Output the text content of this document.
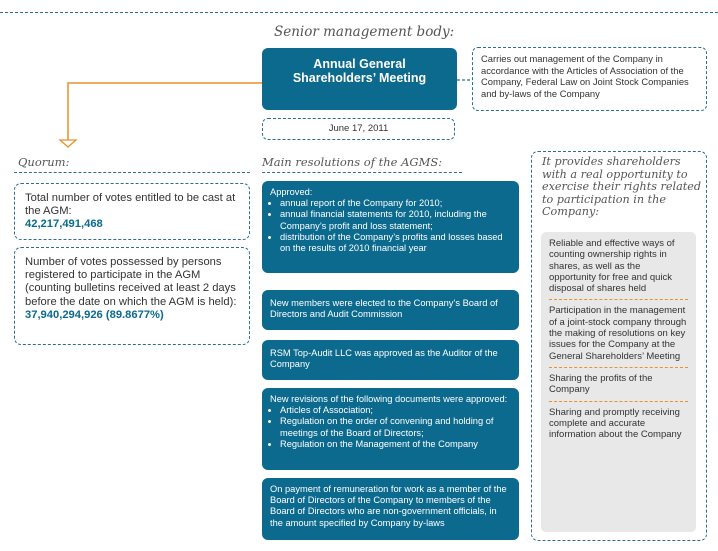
Senior management body:
Annual General Shareholders’ Meeting
Carries out management of the Company in accordance with the Articles of Association of the Company, Federal Law on Joint Stock Companies and by-laws of the Company
June 17, 2011
Quorum:
Total number of votes entitled to be cast at the AGM:
42,217,491,468
Number of votes possessed by persons registered to participate in the AGM (counting bulletins received at least 2 days before the date on which the AGM is held): 37,940,294,926 (89.8677%)
Main resolutions of the AGMS:
Approved:
• annual report of the Company for 2010;
• annual financial statements for 2010, including the Company’s profit and loss statement;
• distribution of the Company’s profits and losses based on the results of 2010 financial year
New members were elected to the Company’s Board of Directors and Audit Commission
RSM Top-Audit LLC was approved as the Auditor of the Company
New revisions of the following documents were approved:
• Articles of Association;
• Regulation on the order of convening and holding of meetings of the Board of Directors;
• Regulation on the Management of the Company
On payment of remuneration for work as a member of the Board of Directors of the Company to members of the Board of Directors who are non-government officials, in the amount specified by Company by-laws
It provides shareholders with a real opportunity to exercise their rights related to participation in the Company:
Reliable and effective ways of counting ownership rights in shares, as well as the opportunity for free and quick disposal of shares held
Participation in the management of a joint-stock company through the making of resolutions on key issues for the Company at the General Shareholders’ Meeting
Sharing the profits of the Company
Sharing and promptly receiving complete and accurate information about the Company
